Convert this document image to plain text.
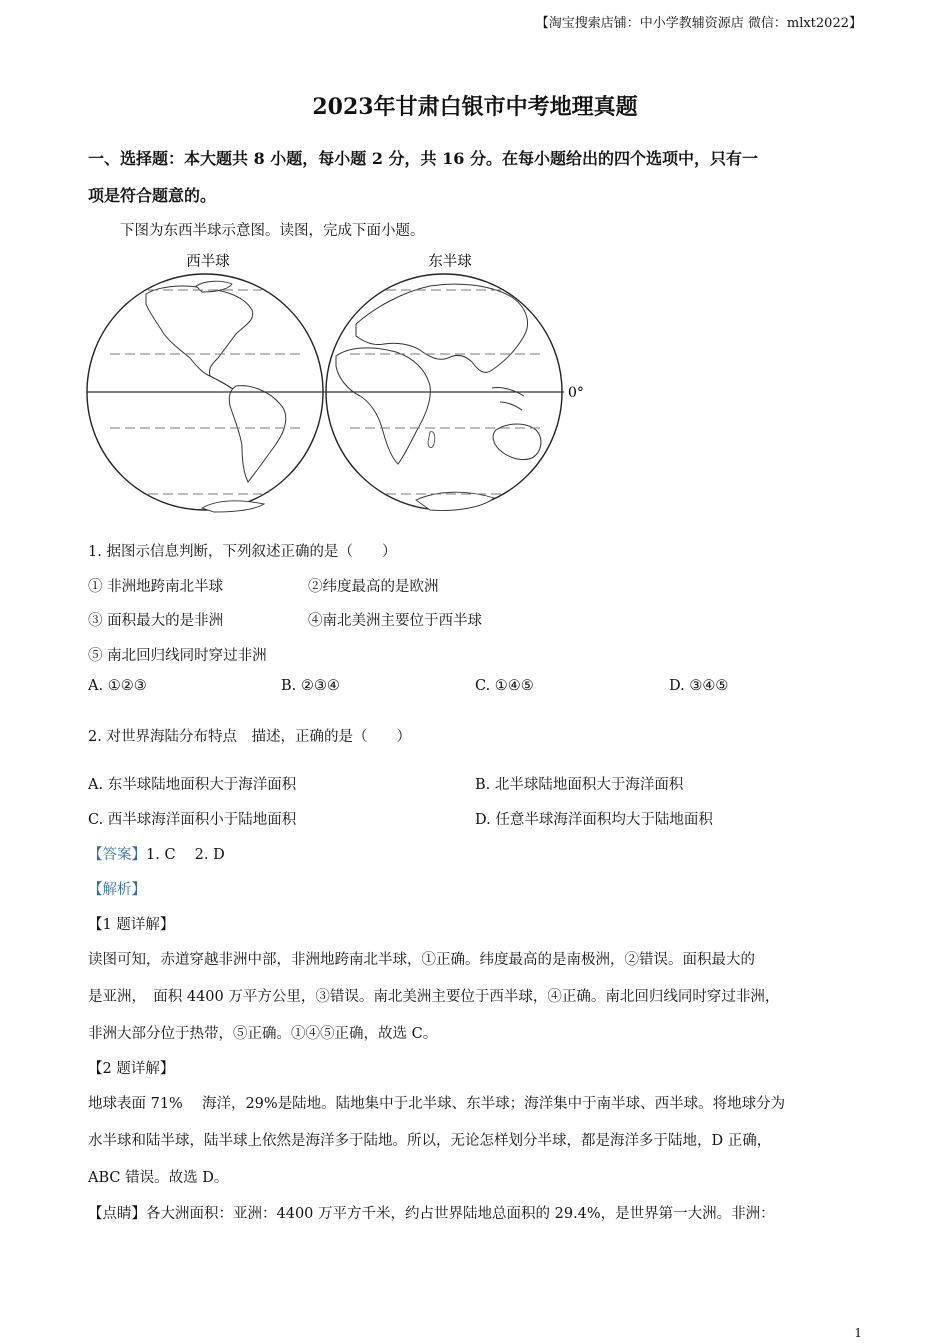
【淘宝搜索店铺：中小学教辅资源店 微信：mlxt2022】
2023年甘肃白银市中考地理真题
一、选择题：本大题共 8 小题，每小题 2 分，共 16 分。在每小题给出的四个选项中，只有一
项是符合题意的。
下图为东西半球示意图。读图，完成下面小题。
西半球	东半球
0°
1. 据图示信息判断，下列叙述正确的是（　　）
① 非洲地跨南北半球	②纬度最高的是欧洲
③ 面积最大的是非洲	④南北美洲主要位于西半球
⑤ 南北回归线同时穿过非洲
A. ①②③	B. ②③④	C. ①④⑤	D. ③④⑤
2. 对世界海陆分布特点　描述，正确的是（　　）
A. 东半球陆地面积大于海洋面积	B. 北半球陆地面积大于海洋面积
C. 西半球海洋面积小于陆地面积	D. 任意半球海洋面积均大于陆地面积
【答案】1. C　 2. D
【解析】
【1 题详解】
读图可知，赤道穿越非洲中部，非洲地跨南北半球，①正确。纬度最高的是南极洲，②错误。面积最大的
是亚洲，　面积 4400 万平方公里，③错误。南北美洲主要位于西半球，④正确。南北回归线同时穿过非洲，
非洲大部分位于热带，⑤正确。①④⑤正确，故选 C。
【2 题详解】
地球表面 71%　 海洋，29%是陆地。陆地集中于北半球、东半球；海洋集中于南半球、西半球。将地球分为
水半球和陆半球，陆半球上依然是海洋多于陆地。所以，无论怎样划分半球，都是海洋多于陆地，D 正确，
ABC 错误。故选 D。
【点睛】各大洲面积：亚洲：4400 万平方千米，约占世界陆地总面积的 29.4%，是世界第一大洲。非洲：
1
